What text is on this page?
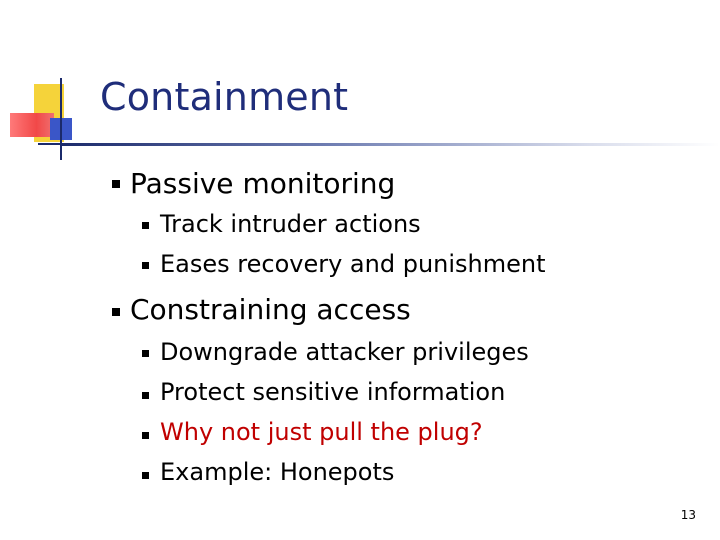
Containment
Passive monitoring
Track intruder actions
Eases recovery and punishment
Constraining access
Downgrade attacker privileges
Protect sensitive information
Why not just pull the plug?
Example: Honepots
13
